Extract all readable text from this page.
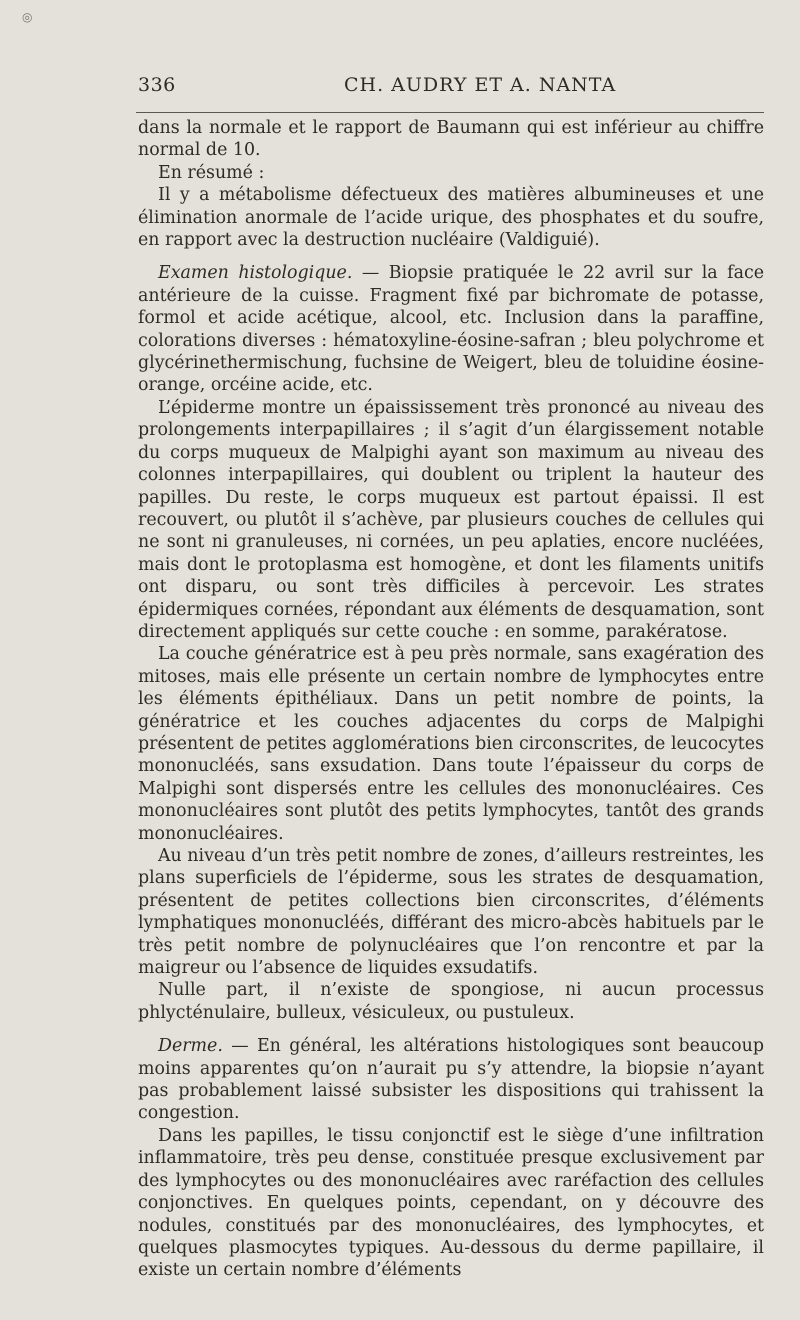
◎
336	CH. AUDRY ET A. NANTA

dans la normale et le rapport de Baumann qui est inférieur au chiffre normal de 10.

En résumé :

Il y a métabolisme défectueux des matières albumineuses et une élimination anormale de l’acide urique, des phosphates et du soufre, en rapport avec la destruction nucléaire (Valdiguié).

Examen histologique. — Biopsie pratiquée le 22 avril sur la face antérieure de la cuisse. Fragment fixé par bichromate de potasse, formol et acide acétique, alcool, etc. Inclusion dans la paraffine, colorations diverses : hématoxyline-éosine-safran ; bleu polychrome et glycérinethermischung, fuchsine de Weigert, bleu de toluidine éosine-orange, orcéine acide, etc.

L’épiderme montre un épaississement très prononcé au niveau des prolongements interpapillaires ; il s’agit d’un élargissement notable du corps muqueux de Malpighi ayant son maximum au niveau des colonnes interpapillaires, qui doublent ou triplent la hauteur des papilles. Du reste, le corps muqueux est partout épaissi. Il est recouvert, ou plutôt il s’achève, par plusieurs couches de cellules qui ne sont ni granuleuses, ni cornées, un peu aplaties, encore nucléées, mais dont le protoplasma est homogène, et dont les filaments unitifs ont disparu, ou sont très difficiles à percevoir. Les strates épidermiques cornées, répondant aux éléments de desquamation, sont directement appliqués sur cette couche : en somme, parakératose.

La couche génératrice est à peu près normale, sans exagération des mitoses, mais elle présente un certain nombre de lymphocytes entre les éléments épithéliaux. Dans un petit nombre de points, la génératrice et les couches adjacentes du corps de Malpighi présentent de petites agglomérations bien circonscrites, de leucocytes mononucléés, sans exsudation. Dans toute l’épaisseur du corps de Malpighi sont dispersés entre les cellules des mononucléaires. Ces mononucléaires sont plutôt des petits lymphocytes, tantôt des grands mononucléaires.

Au niveau d’un très petit nombre de zones, d’ailleurs restreintes, les plans superficiels de l’épiderme, sous les strates de desquamation, présentent de petites collections bien circonscrites, d’éléments lymphatiques mononucléés, différant des micro-abcès habituels par le très petit nombre de polynucléaires que l’on rencontre et par la maigreur ou l’absence de liquides exsudatifs.

Nulle part, il n’existe de spongiose, ni aucun processus phlycténulaire, bulleux, vésiculeux, ou pustuleux.

Derme. — En général, les altérations histologiques sont beaucoup moins apparentes qu’on n’aurait pu s’y attendre, la biopsie n’ayant pas probablement laissé subsister les dispositions qui trahissent la congestion.

Dans les papilles, le tissu conjonctif est le siège d’une infiltration inflammatoire, très peu dense, constituée presque exclusivement par des lymphocytes ou des mononucléaires avec raréfaction des cellules conjonctives. En quelques points, cependant, on y découvre des nodules, constitués par des mononucléaires, des lymphocytes, et quelques plasmocytes typiques. Au-dessous du derme papillaire, il existe un certain nombre d’éléments
